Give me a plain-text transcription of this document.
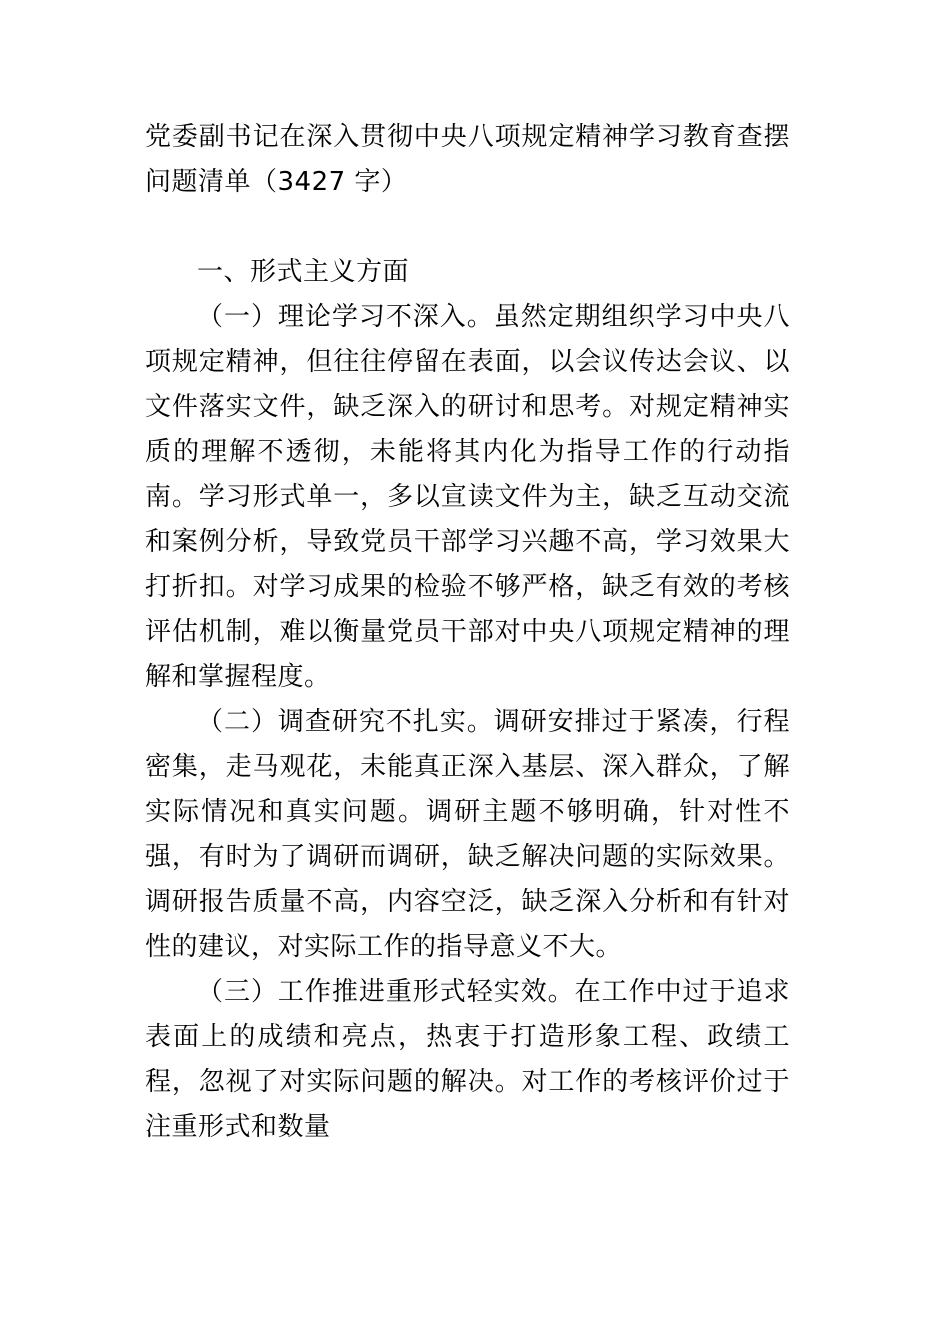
党委副书记在深入贯彻中央八项规定精神学习教育查摆问题清单（3427 字）

一、形式主义方面

（一）理论学习不深入。虽然定期组织学习中央八项规定精神，但往往停留在表面，以会议传达会议、以文件落实文件，缺乏深入的研讨和思考。对规定精神实质的理解不透彻，未能将其内化为指导工作的行动指南。学习形式单一，多以宣读文件为主，缺乏互动交流和案例分析，导致党员干部学习兴趣不高，学习效果大打折扣。对学习成果的检验不够严格，缺乏有效的考核评估机制，难以衡量党员干部对中央八项规定精神的理解和掌握程度。

（二）调查研究不扎实。调研安排过于紧凑，行程密集，走马观花，未能真正深入基层、深入群众，了解实际情况和真实问题。调研主题不够明确，针对性不强，有时为了调研而调研，缺乏解决问题的实际效果。调研报告质量不高，内容空泛，缺乏深入分析和有针对性的建议，对实际工作的指导意义不大。

（三）工作推进重形式轻实效。在工作中过于追求表面上的成绩和亮点，热衷于打造形象工程、政绩工程，忽视了对实际问题的解决。对工作的考核评价过于注重形式和数量
